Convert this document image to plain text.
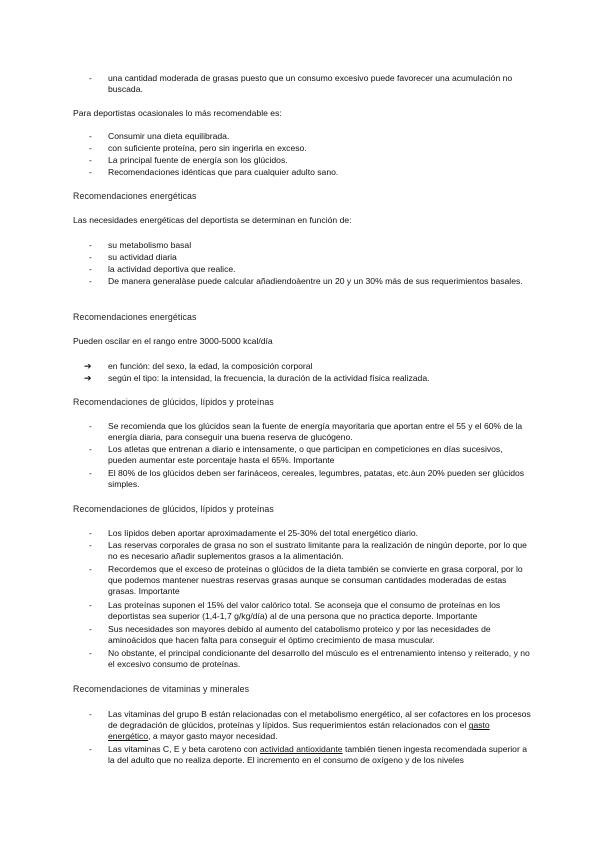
-	una cantidad moderada de grasas puesto que un consumo excesivo puede favorecer una acumulación no buscada.

Para deportistas ocasionales lo más recomendable es:

-	Consumir una dieta equilibrada.
-	con suficiente proteína, pero sin ingerirla en exceso.
-	La principal fuente de energía son los glúcidos.
-	Recomendaciones idénticas que para cualquier adulto sano.

Recomendaciones energéticas

Las necesidades energéticas del deportista se determinan en función de:

-	su metabolismo basal
-	su actividad diaria
-	la actividad deportiva que realice.
-	De manera generalàse puede calcular añadiendoàentre un 20 y un 30% más de sus requerimientos basales.

Recomendaciones energéticas

Pueden oscilar en el rango entre 3000-5000 kcal/día

➔	en función: del sexo, la edad, la composición corporal
➔	según el tipo: la intensidad, la frecuencia, la duración de la actividad física realizada.

Recomendaciones de glúcidos, lípidos y proteínas

-	Se recomienda que los glúcidos sean la fuente de energía mayoritaria que aportan entre el 55 y el 60% de la energía diaria, para conseguir una buena reserva de glucógeno.
-	Los atletas que entrenan a diario e intensamente, o que participan en competiciones en días sucesivos, pueden aumentar este porcentaje hasta el 65%. Importante
-	El 80% de los glúcidos deben ser farináceos, cereales, legumbres, patatas, etc.àun 20% pueden ser glúcidos simples.

Recomendaciones de glúcidos, lípidos y proteínas

-	Los lípidos deben aportar aproximadamente el 25-30% del total energético diario.
-	Las reservas corporales de grasa no son el sustrato limitante para la realización de ningún deporte, por lo que no es necesario añadir suplementos grasos a la alimentación.
-	Recordemos que el exceso de proteínas o glúcidos de la dieta también se convierte en grasa corporal, por lo que podemos mantener nuestras reservas grasas aunque se consuman cantidades moderadas de estas grasas. Importante
-	Las proteínas suponen el 15% del valor calórico total. Se aconseja que el consumo de proteínas en los deportistas sea superior (1,4-1,7 g/kg/día) al de una persona que no practica deporte. Importante
-	Sus necesidades son mayores debido al aumento del catabolismo proteico y por las necesidades de aminoácidos que hacen falta para conseguir el óptimo crecimiento de masa muscular.
-	No obstante, el principal condicionante del desarrollo del músculo es el entrenamiento intenso y reiterado, y no el excesivo consumo de proteínas.

Recomendaciones de vitaminas y minerales

-	Las vitaminas del grupo B están relacionadas con el metabolismo energético, al ser cofactores en los procesos de degradación de glúcidos, proteínas y lípidos. Sus requerimientos están relacionados con el gasto energético, a mayor gasto mayor necesidad.
-	Las vitaminas C, E y beta caroteno con actividad antioxidante también tienen ingesta recomendada superior a la del adulto que no realiza deporte. El incremento en el consumo de oxígeno y de los niveles
